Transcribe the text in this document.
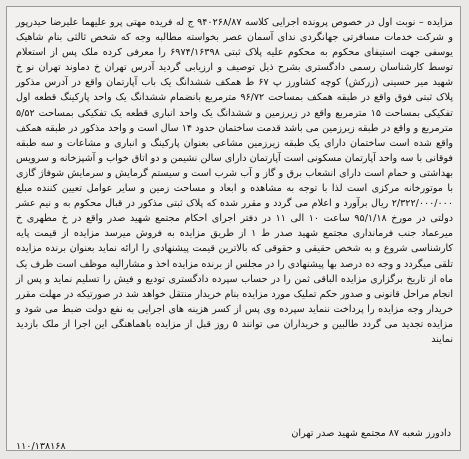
مزایده – نوبت اول در خصوص پرونده اجرایی کلاسه ۹۴۰۲۶۸/۸۷ ج له فریده مهتی پرو علیهما علیرضا حیدرپور و شرکت خدمات مسافرتی جهانگردی ندای آسمان عصر بخواسته مطالبه وجه که شخص ثالثی بنام شاهیک یوسفی جهت استیفای محکوم به محکوم علیه پلاک ثبتی ۶۹۷۴/۱۶۳۹۸ را معرفی کرده ملک پس از استعلام توسط کارشناسان رسمی دادگستری بشرح ذیل توصیف و ارزیابی گردید آدرس تهران خ دماوند تهران نو خ شهید میر حسینی (زرکش) کوچه کشاورز پ ۶۷ ط همکف ششدانگ یک باب آپارتمان واقع در آدرس مذکور پلاک ثبتی فوق واقع در طبقه همکف بمساحت ۹۶/۷۲ مترمربع بانضمام ششدانگ یک واحد پارکینگ قطعه اول تفکیکی بمساحت ۱۵ مترمربع واقع در زیرزمین و ششدانگ یک واحد انباری قطعه یک تفکیکی بمساحت ۵/۵۲ مترمربع و واقع در طبقه زیرزمین می باشد قدمت ساختمان حدود ۱۴ سال است و واحد مذکور در طبقه همکف واقع شده است ساختمان دارای یک طبقه زیرزمین مشاعی بعنوان پارکینگ و انباری و مشاعات و سه طبقه فوقانی با سه واحد آپارتمان مسکونی است آپارتمان دارای سالن نشیمن و دو اتاق خواب و آشپزخانه و سرویس بهداشتی و حمام است دارای انشعاب برق و گاز و آب شرب است و سیستم گرمایش و سرمایش شوفاژ گازی با موتورخانه مرکزی است لذا با توجه به مشاهده و ابعاد و مساحت زمین و سایر عوامل تعیین کننده مبلغ ۲/۳۲۲/۰۰۰/۰۰۰ ریال برآورد و اعلام می گردد و مقرر شده که پلاک ثبتی مذکور در قبال محکوم به و نیم عشر دولتی در مورخ ۹۵/۱/۱۸ ساعت ۱۰ الی ۱۱ در دفتر اجرای احکام مجتمع شهید صدر واقع در خ مطهری خ میرعماد جنب فرمانداری مجتمع شهید صدر ط ۱ از طریق مزایده به فروش میرسد مزایده از قیمت پایه کارشناسی شروع و به شخص حقیقی و حقوقی که بالاترین قیمت پیشنهادی را ارائه نماید بعنوان برنده مزایده تلقی میگردد و وجه ده درصد بها پیشنهادی را در مجلس از برنده مزایده اخذ و مشارالیه موظف است ظرف یک ماه از تاریخ برگزاری مزایده الباقی ثمن را در حساب سپرده دادگستری تودیع و فیش را تسلیم نماید و پس از انجام مراحل قانونی و صدور حکم تملیک مورد مزایده بنام خریدار منتقل خواهد شد در صورتیکه در مهلت مقرر خریدار وجه مزایده را پرداخت ننماید سپرده وی پس از کسر هزینه های اجرایی به نفع دولت ضبط می شود و مزایده تجدید می گردد طالبین و خریداران می توانند ۵ روز قبل از مزایده باهماهنگی این اجرا از ملک بازدید نمایند

دادورز شعبه ۸۷ مجتمع شهید صدر تهران
۱۱۰/۱۳۸۱۶۸
